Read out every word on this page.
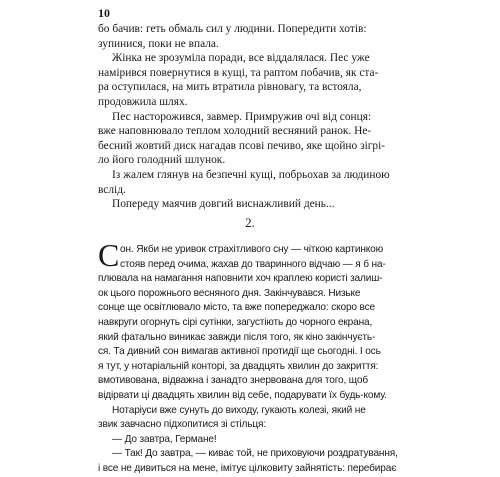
10
бо бачив: геть обмаль сил у людини. Попередити хотів:
зупинися, поки не впала.
Жінка не зрозуміла поради, все віддалялася. Пес уже
намірився повернутися в кущі, та раптом побачив, як ста-
ра оступилася, на мить втратила рівновагу, та встояла,
продовжила шлях.
Пес насторожився, завмер. Примружив очі від сонця:
вже наповнювало теплом холодний весняний ранок. Не-
бесний жовтий диск нагадав псові печиво, яке щойно зігрі-
ло його голодний шлунок.
Із жалем глянув на безпечні кущі, побрьохав за людиною
вслід.
Попереду маячив довгий виснажливий день...
2.
С он. Якби не уривок страхітливого сну — чіткою картинкою
стояв перед очима, жахав до тваринного відчаю — я б на-
плювала на намагання наповнити хоч краплею користі залиш-
ок цього порожнього весняного дня. Закінчувався. Низьке
сонце ще освітлювало місто, та вже попереджало: скоро все
навкруги огорнуть сірі сутінки, загустіють до чорного екрана,
який фатально виникає завжди після того, як кіно закінчуєть-
ся. Та дивний сон вимагав активної протидії ще сьогодні. І ось
я тут, у нотаріальній конторі, за двадцять хвилин до закриття:
вмотивована, відважна і занадто знервована для того, щоб
відірвати ці двадцять хвилин від себе, подарувати їх будь-кому.
Нотаріуси вже сунуть до виходу, гукають колезі, який не
звик завчасно підхопитися зі стільця:
— До завтра, Германе!
— Так! До завтра, — киває той, не приховуючи роздратування,
і все не дивиться на мене, імітує цілковиту зайнятість: перебирає
